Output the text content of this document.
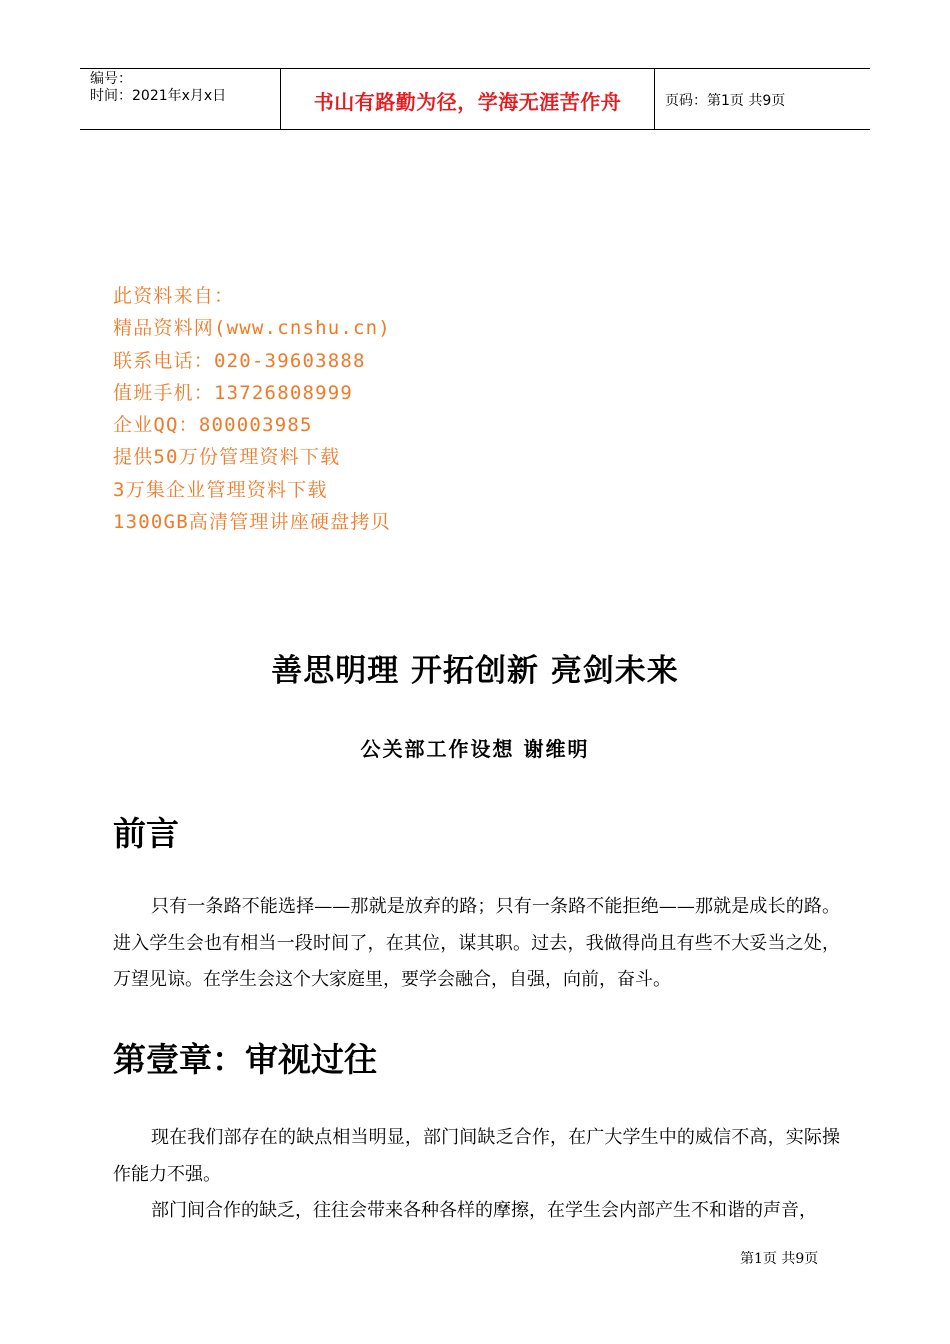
编号：
时间：2021年x月x日	书山有路勤为径，学海无涯苦作舟	页码：第1页 共9页
此资料来自：
精品资料网(www.cnshu.cn)
联系电话：020-39603888
值班手机：13726808999
企业QQ：800003985
提供50万份管理资料下载
3万集企业管理资料下载
1300GB高清管理讲座硬盘拷贝
善思明理 开拓创新 亮剑未来
公关部工作设想 谢维明
前言
只有一条路不能选择——那就是放弃的路；只有一条路不能拒绝——那就是成长的路。进入学生会也有相当一段时间了，在其位，谋其职。过去，我做得尚且有些不大妥当之处，万望见谅。在学生会这个大家庭里，要学会融合，自强，向前，奋斗。
第壹章：审视过往
现在我们部存在的缺点相当明显，部门间缺乏合作，在广大学生中的威信不高，实际操作能力不强。
部门间合作的缺乏，往往会带来各种各样的摩擦，在学生会内部产生不和谐的声音，
第1页 共9页
